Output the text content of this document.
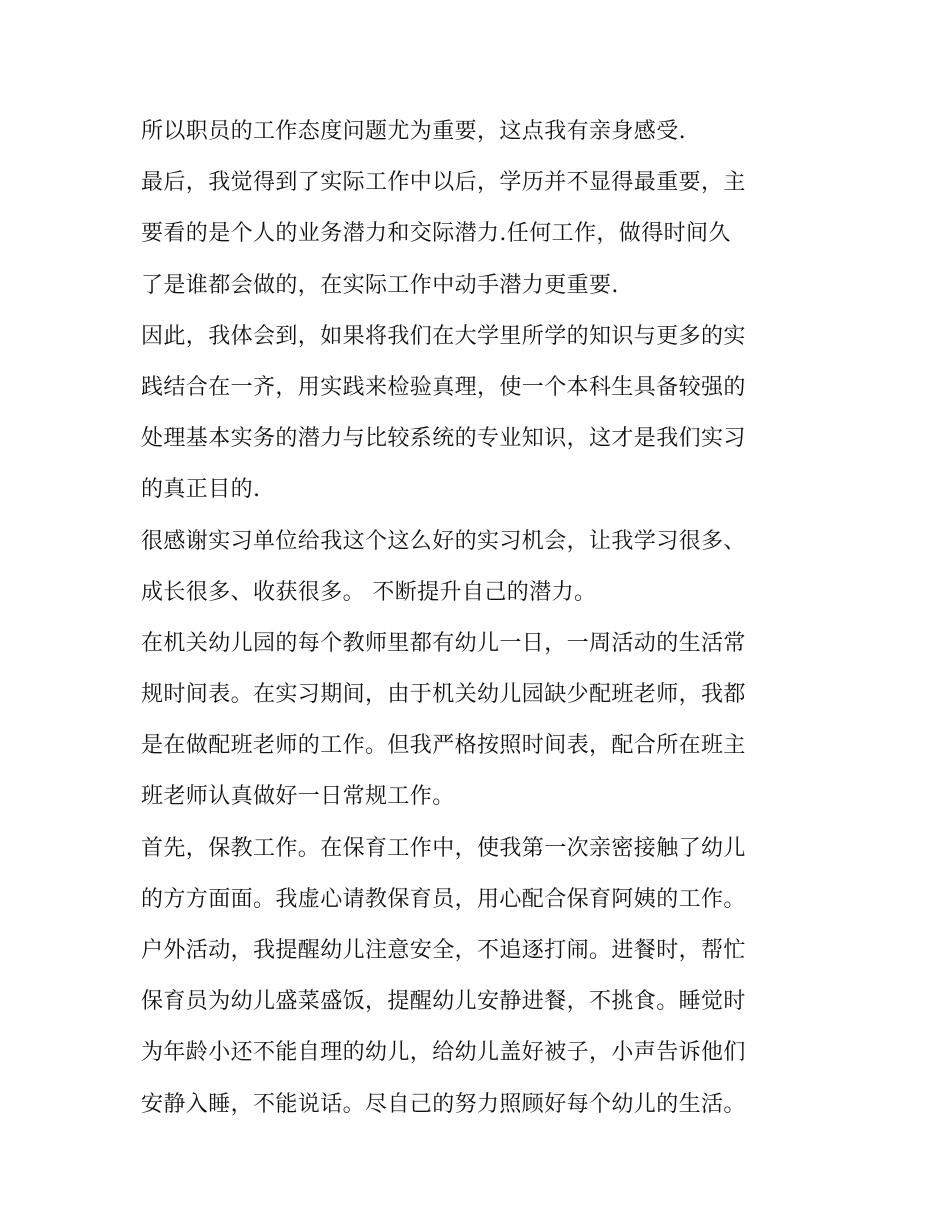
所以职员的工作态度问题尤为重要，这点我有亲身感受.
最后，我觉得到了实际工作中以后，学历并不显得最重要，主
要看的是个人的业务潜力和交际潜力.任何工作，做得时间久
了是谁都会做的，在实际工作中动手潜力更重要.
因此，我体会到，如果将我们在大学里所学的知识与更多的实
践结合在一齐，用实践来检验真理，使一个本科生具备较强的
处理基本实务的潜力与比较系统的专业知识，这才是我们实习
的真正目的.
很感谢实习单位给我这个这么好的实习机会，让我学习很多、
成长很多、收获很多。 不断提升自己的潜力。
在机关幼儿园的每个教师里都有幼儿一日，一周活动的生活常
规时间表。在实习期间，由于机关幼儿园缺少配班老师，我都
是在做配班老师的工作。但我严格按照时间表，配合所在班主
班老师认真做好一日常规工作。
首先，保教工作。在保育工作中，使我第一次亲密接触了幼儿
的方方面面。我虚心请教保育员，用心配合保育阿姨的工作。
户外活动，我提醒幼儿注意安全，不追逐打闹。进餐时，帮忙
保育员为幼儿盛菜盛饭，提醒幼儿安静进餐，不挑食。睡觉时
为年龄小还不能自理的幼儿，给幼儿盖好被子，小声告诉他们
安静入睡，不能说话。尽自己的努力照顾好每个幼儿的生活。
